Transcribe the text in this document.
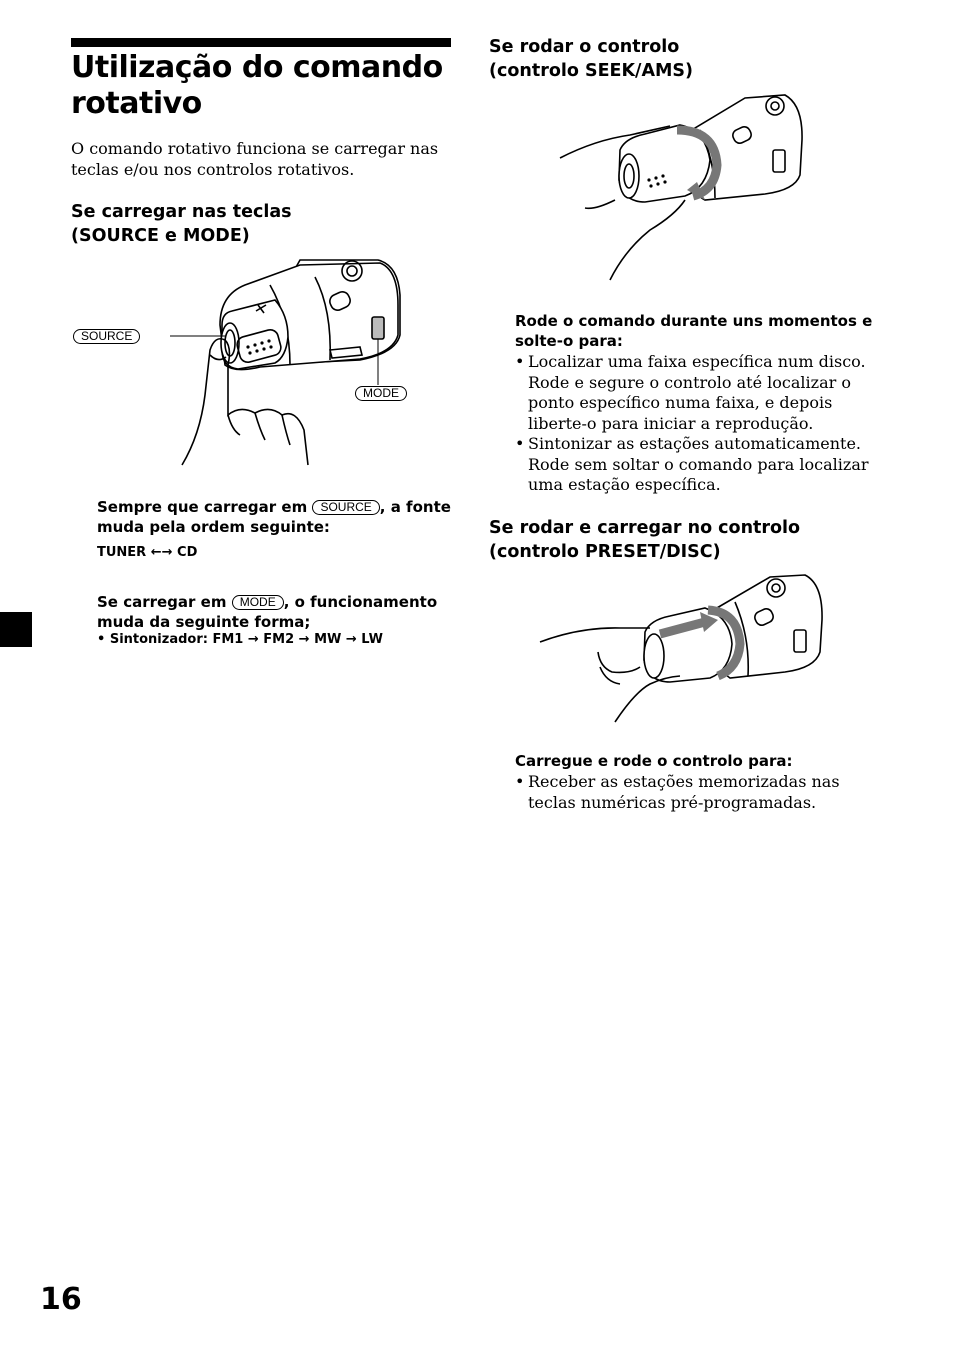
Utilização do comando rotativo
O comando rotativo funciona se carregar nas teclas e/ou nos controlos rotativos.
Se carregar nas teclas
(SOURCE e MODE)
SOURCE
MODE
Sempre que carregar em SOURCE , a fonte muda pela ordem seguinte:
TUNER ←→ CD
Se carregar em MODE , o funcionamento muda da seguinte forma;
• Sintonizador: FM1 → FM2 → MW → LW
Se rodar o controlo
(controlo SEEK/AMS)
Rode o comando durante uns momentos e solte-o para:
• Localizar uma faixa específica num disco. Rode e segure o controlo até localizar o ponto específico numa faixa, e depois liberte-o para iniciar a reprodução.
• Sintonizar as estações automaticamente. Rode sem soltar o comando para localizar uma estação específica.
Se rodar e carregar no controlo
(controlo PRESET/DISC)
Carregue e rode o controlo para:
• Receber as estações memorizadas nas teclas numéricas pré-programadas.
16
